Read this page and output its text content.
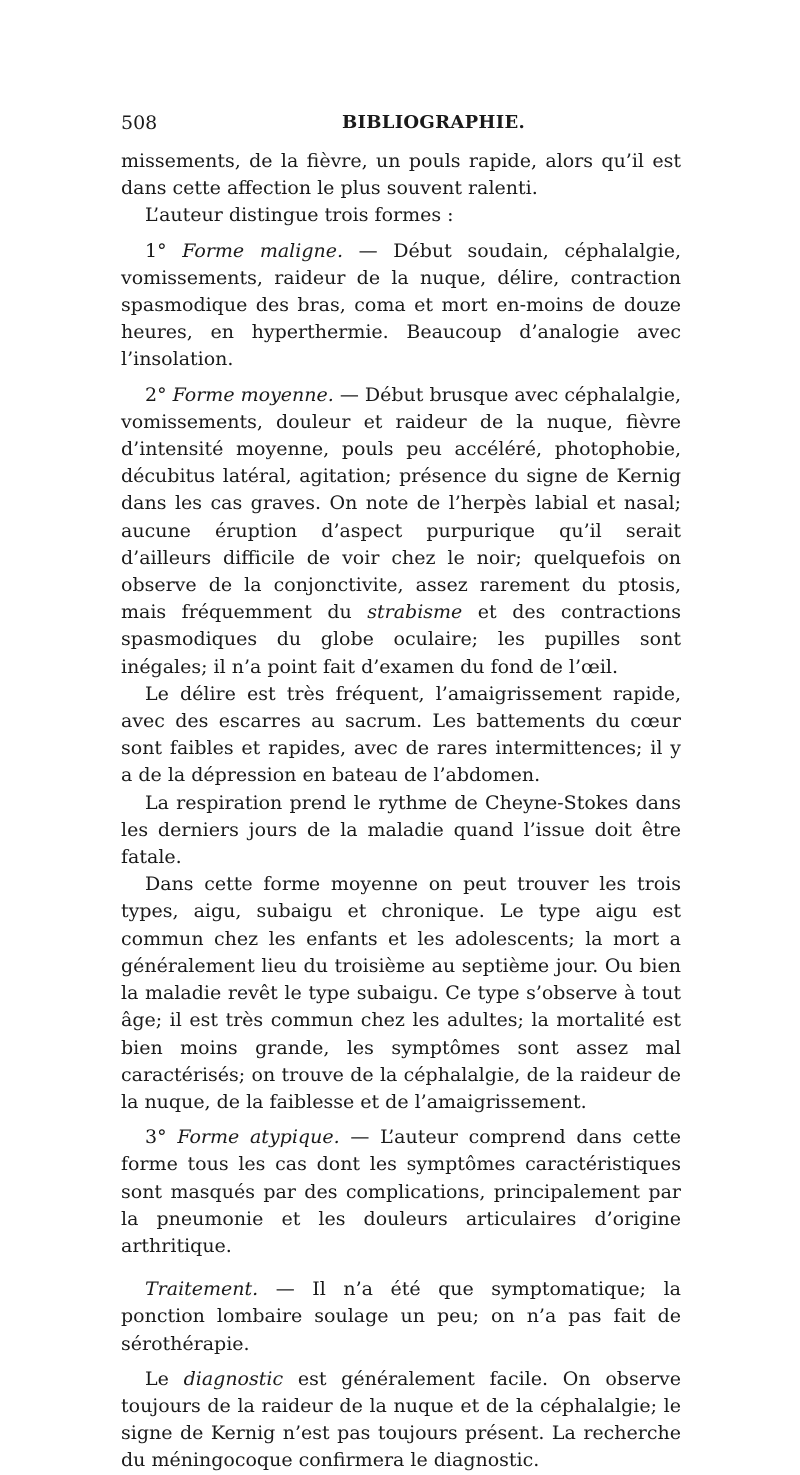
508	BIBLIOGRAPHIE.

missements, de la fièvre, un pouls rapide, alors qu’il est dans cette affection le plus souvent ralenti.

L’auteur distingue trois formes :

1° Forme maligne. — Début soudain, céphalalgie, vomissements, raideur de la nuque, délire, contraction spasmodique des bras, coma et mort en-moins de douze heures, en hyperthermie. Beaucoup d’analogie avec l’insolation.

2° Forme moyenne. — Début brusque avec céphalalgie, vomissements, douleur et raideur de la nuque, fièvre d’intensité moyenne, pouls peu accéléré, photophobie, décubitus latéral, agitation; présence du signe de Kernig dans les cas graves. On note de l’herpès labial et nasal; aucune éruption d’aspect purpurique qu’il serait d’ailleurs difficile de voir chez le noir; quelquefois on observe de la conjonctivite, assez rarement du ptosis, mais fréquemment du strabisme et des contractions spasmodiques du globe oculaire; les pupilles sont inégales; il n’a point fait d’examen du fond de l’œil.

Le délire est très fréquent, l’amaigrissement rapide, avec des escarres au sacrum. Les battements du cœur sont faibles et rapides, avec de rares intermittences; il y a de la dépression en bateau de l’abdomen.

La respiration prend le rythme de Cheyne-Stokes dans les derniers jours de la maladie quand l’issue doit être fatale.

Dans cette forme moyenne on peut trouver les trois types, aigu, subaigu et chronique. Le type aigu est commun chez les enfants et les adolescents; la mort a généralement lieu du troisième au septième jour. Ou bien la maladie revêt le type subaigu. Ce type s’observe à tout âge; il est très commun chez les adultes; la mortalité est bien moins grande, les symptômes sont assez mal caractérisés; on trouve de la céphalalgie, de la raideur de la nuque, de la faiblesse et de l’amaigrissement.

3° Forme atypique. — L’auteur comprend dans cette forme tous les cas dont les symptômes caractéristiques sont masqués par des complications, principalement par la pneumonie et les douleurs articulaires d’origine arthritique.

Traitement. — Il n’a été que symptomatique; la ponction lombaire soulage un peu; on n’a pas fait de sérothérapie.

Le diagnostic est généralement facile. On observe toujours de la raideur de la nuque et de la céphalalgie; le signe de Kernig n’est pas toujours présent. La recherche du méningocoque confirmera le diagnostic.
